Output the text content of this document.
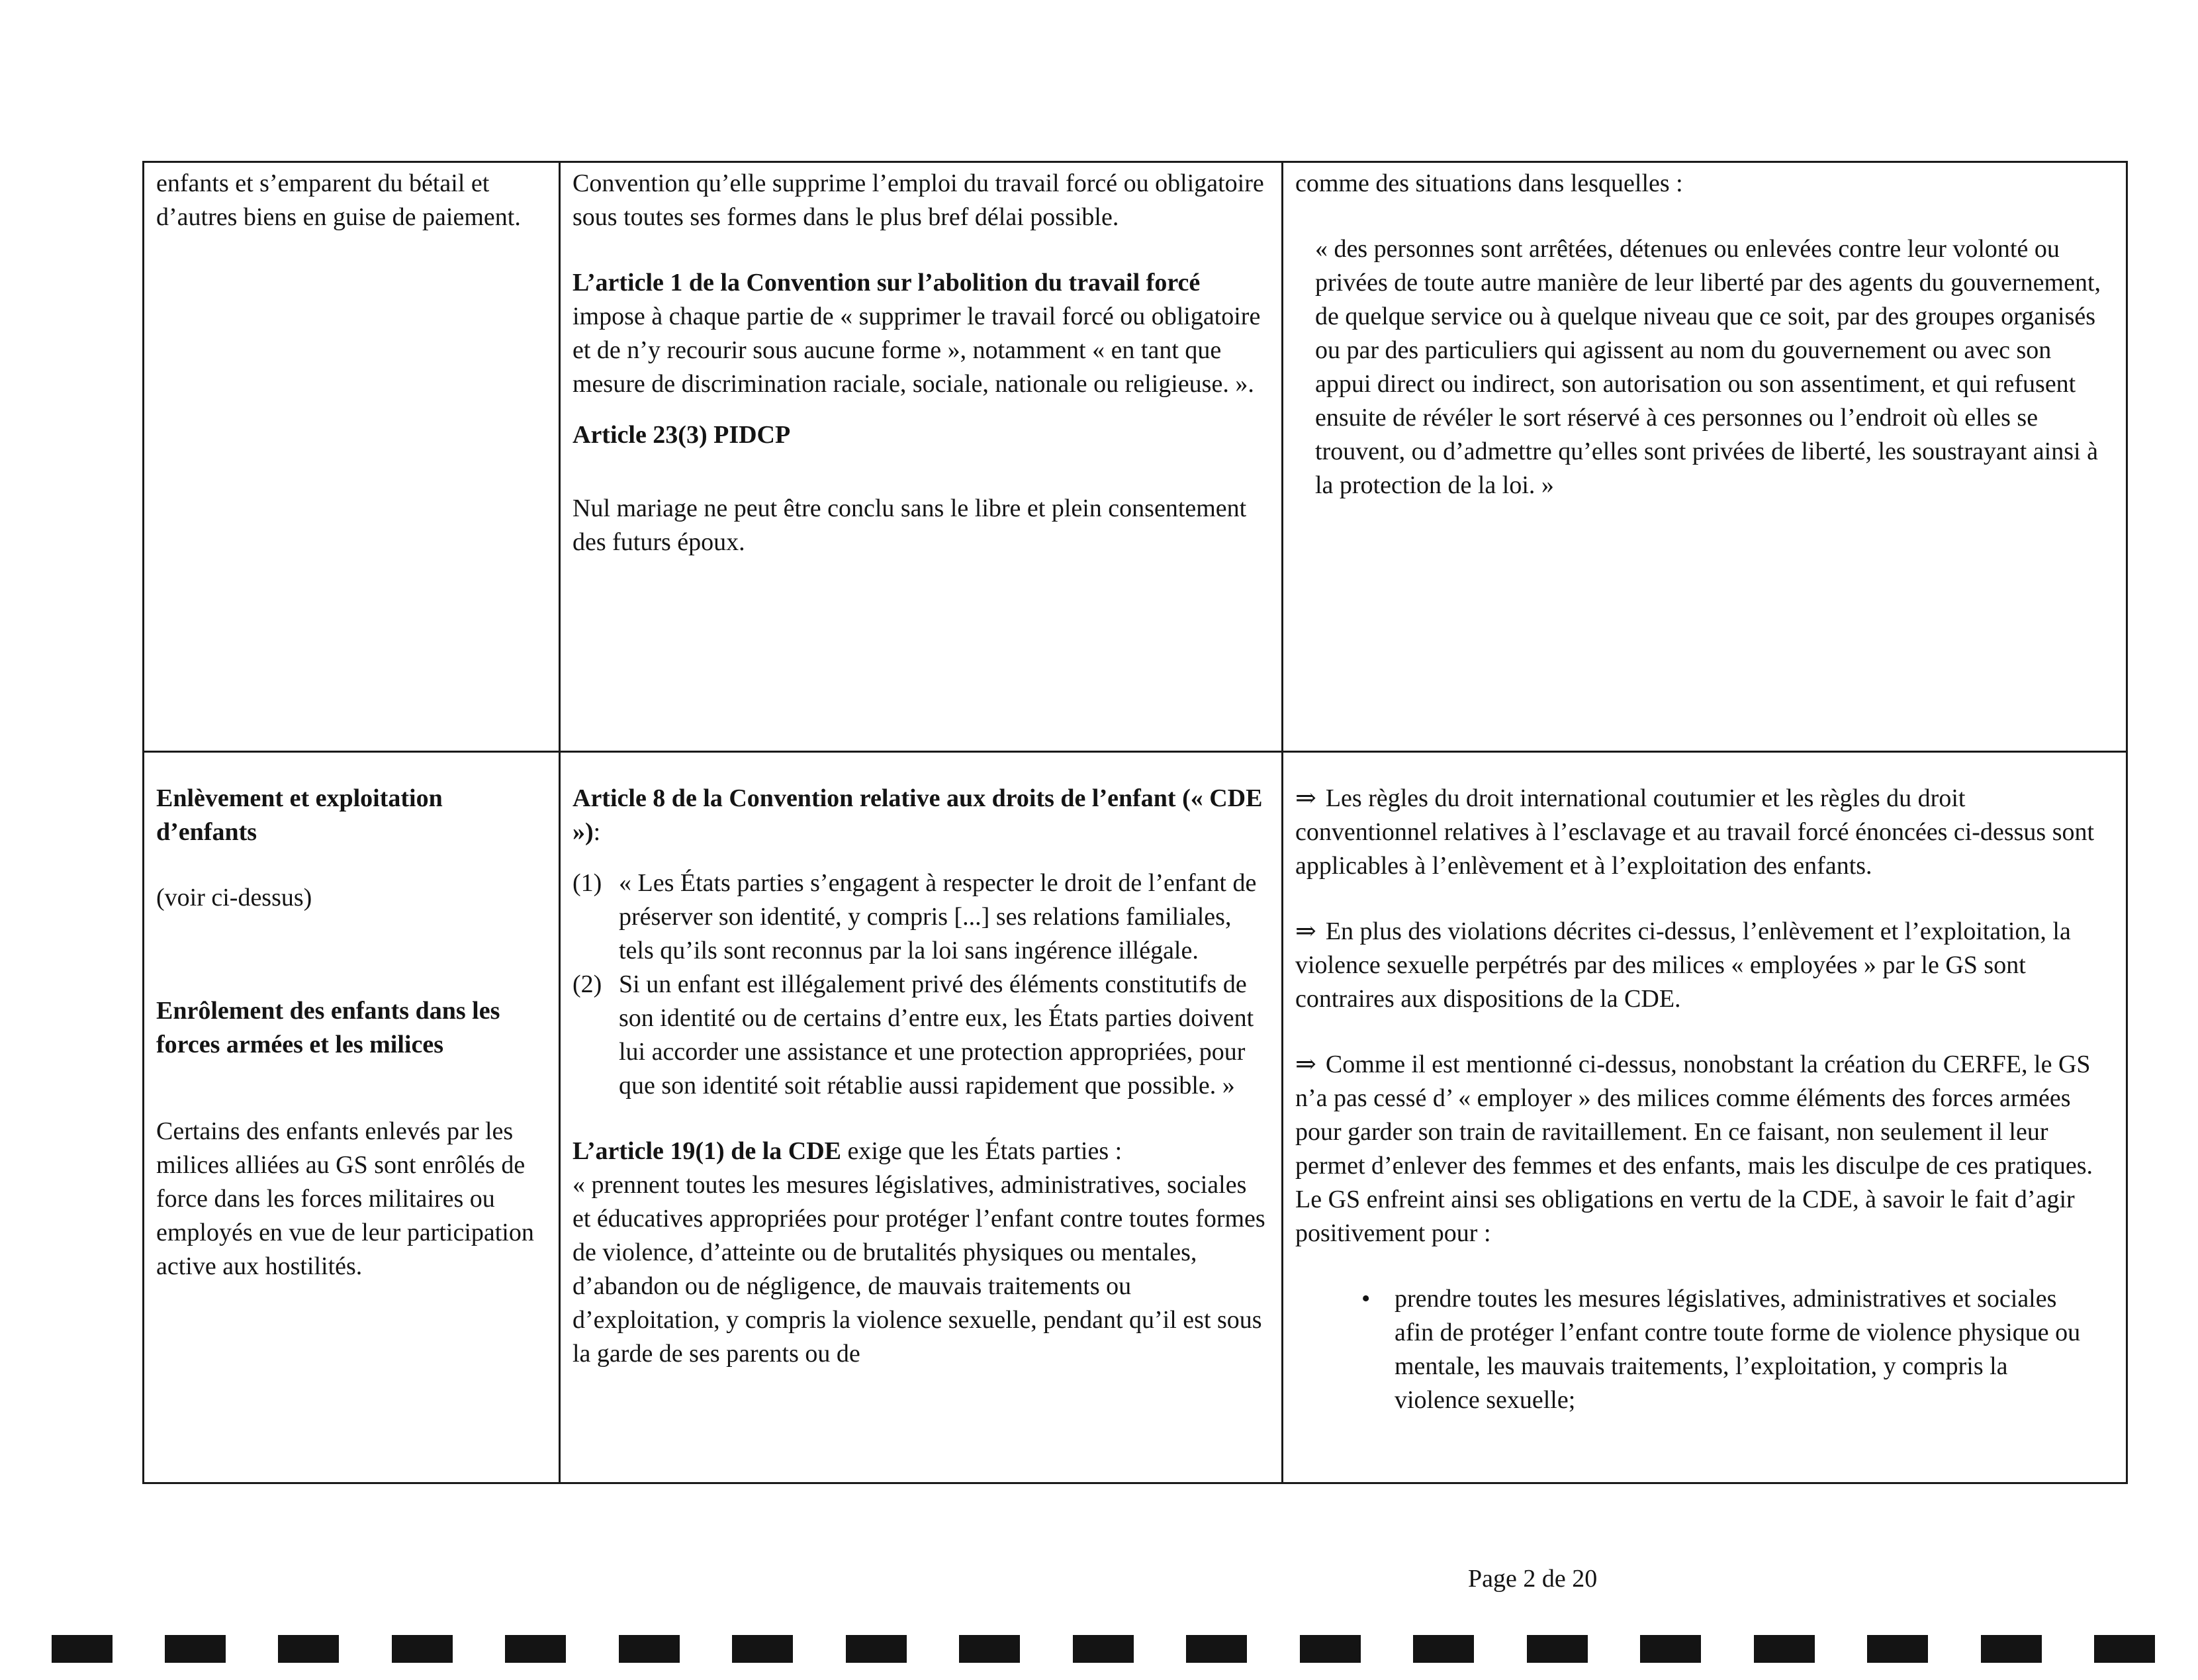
enfants et s’emparent du bétail et d’autres biens en guise de paiement.

Convention qu’elle supprime l’emploi du travail forcé ou obligatoire sous toutes ses formes dans le plus bref délai possible.

L’article 1 de la Convention sur l’abolition du travail forcé impose à chaque partie de « supprimer le travail forcé ou obligatoire et de n’y recourir sous aucune forme », notamment « en tant que mesure de discrimination raciale, sociale, nationale ou religieuse. ».

Article 23(3) PIDCP

Nul mariage ne peut être conclu sans le libre et plein consentement des futurs époux.

comme des situations dans lesquelles :

« des personnes sont arrêtées, détenues ou enlevées contre leur volonté ou privées de toute autre manière de leur liberté par des agents du gouvernement, de quelque service ou à quelque niveau que ce soit, par des groupes organisés ou par des particuliers qui agissent au nom du gouvernement ou avec son appui direct ou indirect, son autorisation ou son assentiment, et qui refusent ensuite de révéler le sort réservé à ces personnes ou l’endroit où elles se trouvent, ou d’admettre qu’elles sont privées de liberté, les soustrayant ainsi à la protection de la loi. »

Enlèvement et exploitation d’enfants

(voir ci-dessus)

Enrôlement des enfants dans les forces armées et les milices

Certains des enfants enlevés par les milices alliées au GS sont enrôlés de force dans les forces militaires ou employés en vue de leur participation active aux hostilités.

Article 8 de la Convention relative aux droits de l’enfant (« CDE »):

(1) « Les États parties s’engagent à respecter le droit de l’enfant de préserver son identité, y compris [...] ses relations familiales, tels qu’ils sont reconnus par la loi sans ingérence illégale.

(2) Si un enfant est illégalement privé des éléments constitutifs de son identité ou de certains d’entre eux, les États parties doivent lui accorder une assistance et une protection appropriées, pour que son identité soit rétablie aussi rapidement que possible. »

L’article 19(1) de la CDE exige que les États parties :

« prennent toutes les mesures législatives, administratives, sociales et éducatives appropriées pour protéger l’enfant contre toutes formes de violence, d’atteinte ou de brutalités physiques ou mentales, d’abandon ou de négligence, de mauvais traitements ou d’exploitation, y compris la violence sexuelle, pendant qu’il est sous la garde de ses parents ou de

⇒ Les règles du droit international coutumier et les règles du droit conventionnel relatives à l’esclavage et au travail forcé énoncées ci-dessus sont applicables à l’enlèvement et à l’exploitation des enfants.

⇒ En plus des violations décrites ci-dessus, l’enlèvement et l’exploitation, la violence sexuelle perpétrés par des milices « employées » par le GS sont contraires aux dispositions de la CDE.

⇒ Comme il est mentionné ci-dessus, nonobstant la création du CERFE, le GS n’a pas cessé d’ « employer » des milices comme éléments des forces armées pour garder son train de ravitaillement. En ce faisant, non seulement il leur permet d’enlever des femmes et des enfants, mais les disculpe de ces pratiques. Le GS enfreint ainsi ses obligations en vertu de la CDE, à savoir le fait d’agir positivement pour :

• prendre toutes les mesures législatives, administratives et sociales afin de protéger l’enfant contre toute forme de violence physique ou mentale, les mauvais traitements, l’exploitation, y compris la violence sexuelle;

Page 2 de 20
